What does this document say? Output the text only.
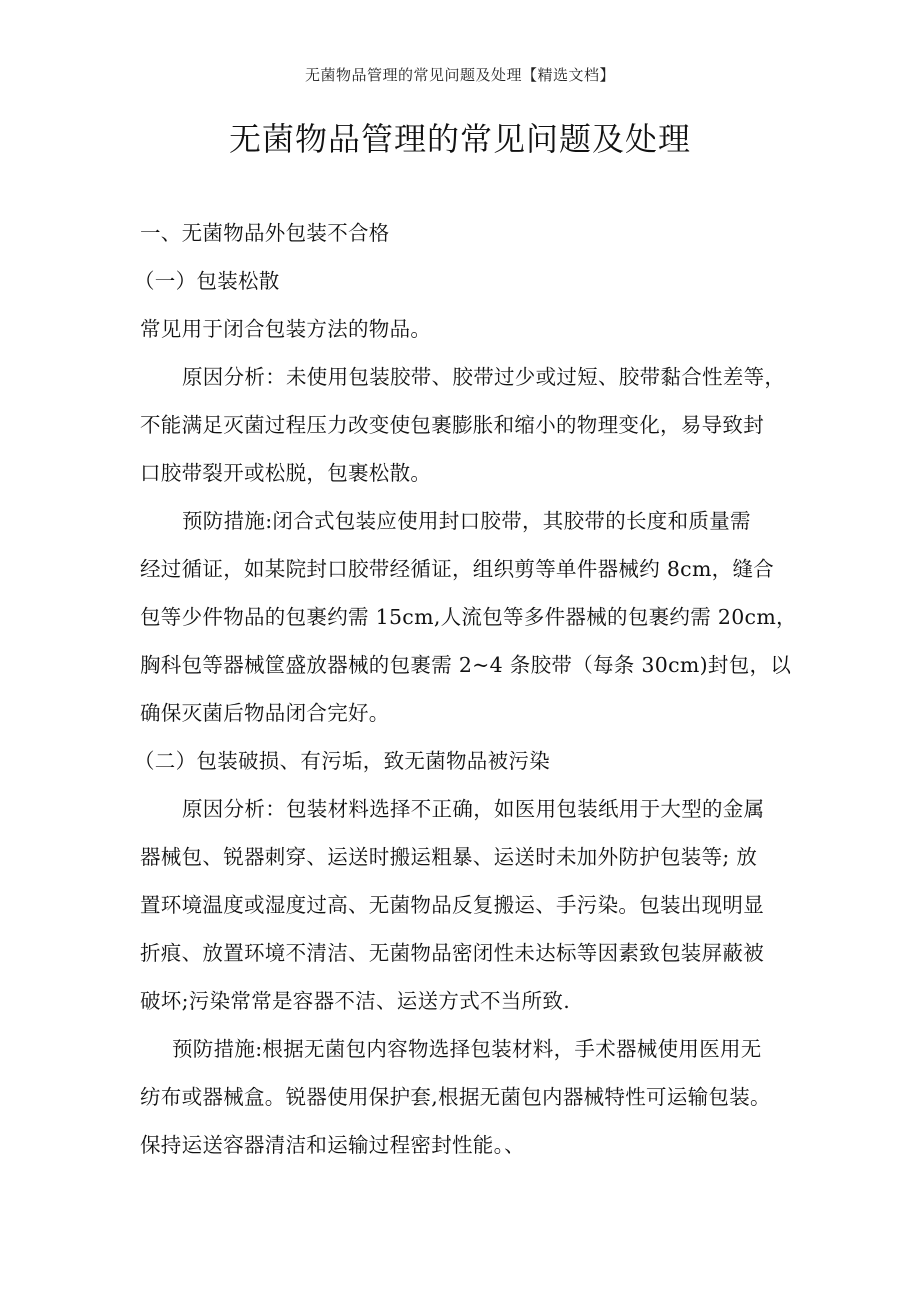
无菌物品管理的常见问题及处理【精选文档】
无菌物品管理的常见问题及处理

一、无菌物品外包装不合格

（一）包装松散

常见用于闭合包装方法的物品。

原因分析：未使用包装胶带、胶带过少或过短、胶带黏合性差等，

不能满足灭菌过程压力改变使包裹膨胀和缩小的物理变化，易导致封

口胶带裂开或松脱，包裹松散。

预防措施:闭合式包装应使用封口胶带，其胶带的长度和质量需

经过循证，如某院封口胶带经循证，组织剪等单件器械约 8cm，缝合

包等少件物品的包裹约需 15cm,人流包等多件器械的包裹约需 20cm，

胸科包等器械筐盛放器械的包裹需 2~4 条胶带（每条 30cm)封包，以

确保灭菌后物品闭合完好。

（二）包装破损、有污垢，致无菌物品被污染

原因分析：包装材料选择不正确，如医用包装纸用于大型的金属

器械包、锐器刺穿、运送时搬运粗暴、运送时未加外防护包装等; 放

置环境温度或湿度过高、无菌物品反复搬运、手污染。包装出现明显

折痕、放置环境不清洁、无菌物品密闭性未达标等因素致包装屏蔽被

破坏;污染常常是容器不洁、运送方式不当所致.

预防措施:根据无菌包内容物选择包装材料，手术器械使用医用无

纺布或器械盒。锐器使用保护套,根据无菌包内器械特性可运输包装。

保持运送容器清洁和运输过程密封性能。、
